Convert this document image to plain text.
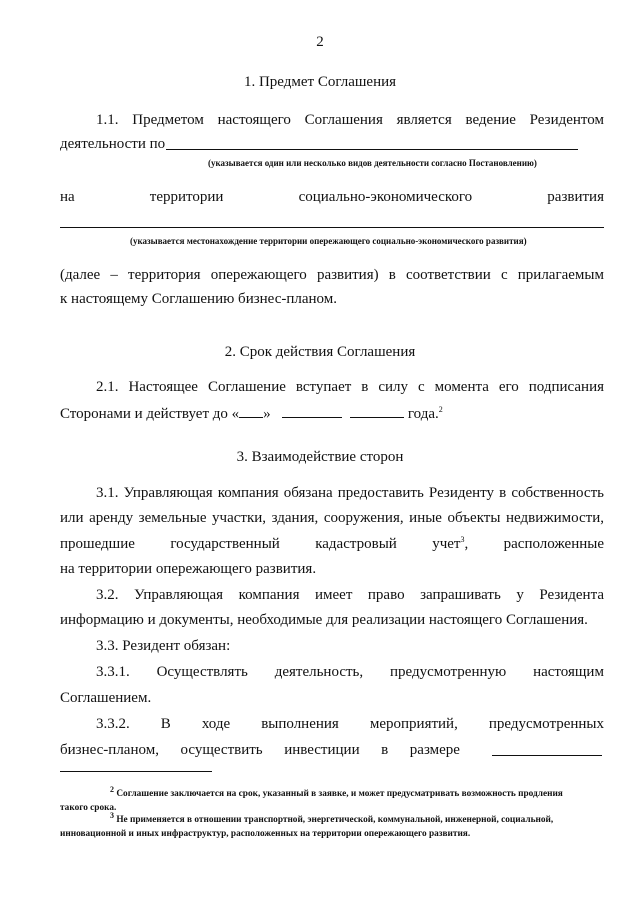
2
1. Предмет Соглашения
1.1. Предметом настоящего Соглашения является ведение Резидентом
деятельности по
(указывается один или несколько видов деятельности согласно Постановлению)
на	территории	социально-экономического	развития
(указывается местонахождение территории опережающего социально-экономического развития)
(далее – территория опережающего развития) в соответствии с прилагаемым
к настоящему Соглашению бизнес-планом.
2. Срок действия Соглашения
2.1. Настоящее Соглашение вступает в силу с момента его подписания
Сторонами и действует до « »	года.$^2$
3. Взаимодействие сторон
3.1. Управляющая компания обязана предоставить Резиденту в собственность
или аренду земельные участки, здания, сооружения, иные объекты недвижимости,
прошедшие государственный кадастровый учет$^3$, расположенные
на территории опережающего развития.
3.2. Управляющая компания имеет право запрашивать у Резидента
информацию и документы, необходимые для реализации настоящего Соглашения.
3.3. Резидент обязан:
3.3.1. Осуществлять деятельность, предусмотренную настоящим
Соглашением.
3.3.2. В ходе выполнения мероприятий, предусмотренных
бизнес-планом, осуществить инвестиции в размере
$^2$ Соглашение заключается на срок, указанный в заявке, и может предусматривать возможность продления
такого срока.
$^3$ Не применяется в отношении транспортной, энергетической, коммунальной, инженерной, социальной,
инновационной и иных инфраструктур, расположенных на территории опережающего развития.
